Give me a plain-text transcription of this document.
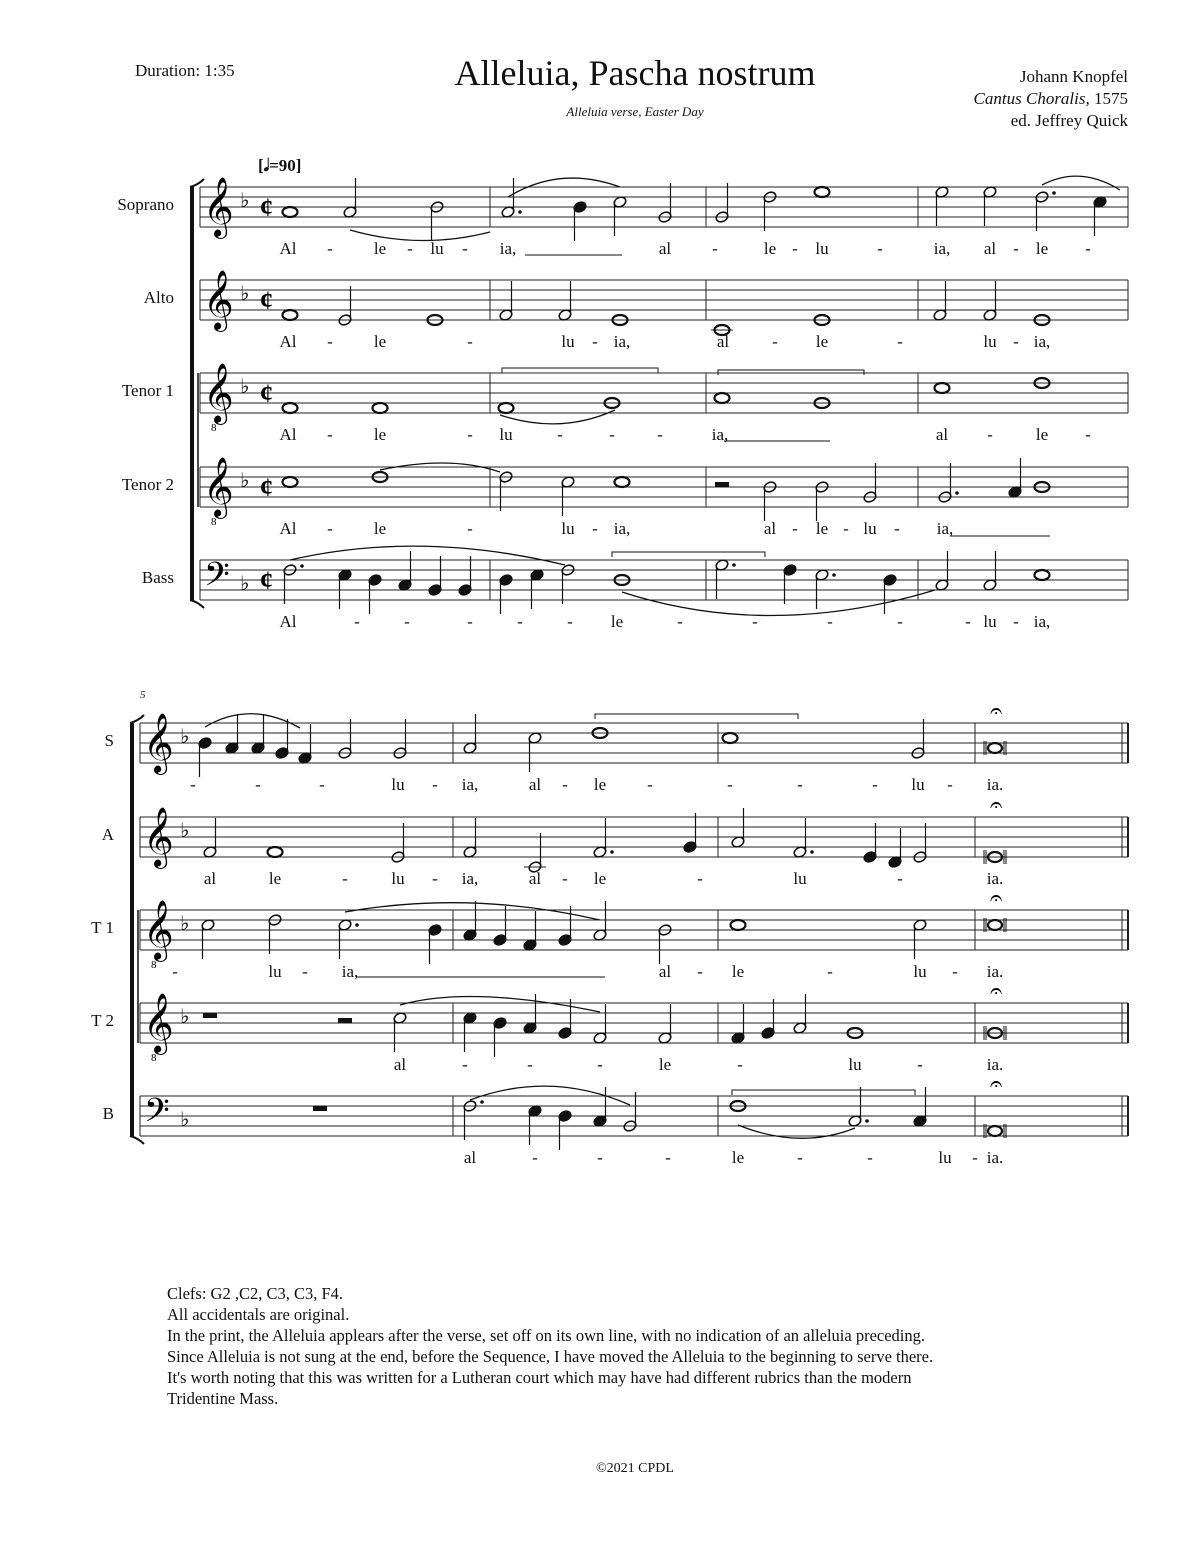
Duration: 1:35	Alleluia, Pascha nostrum
Alleluia verse, Easter Day
Johann Knopfel
Cantus Choralis, 1575
ed. Jeffrey Quick
[𝅗𝅥=90]
𝄞 ¢
♭
𝄞 ¢
♭
𝄞
8
¢
♭
𝄞
8
¢
♭
𝄢 ¢
♭
𝄞
𝄐
♭
𝄞
𝄐
♭
𝄞
8
𝄐
♭
𝄞
8
𝄐
♭
𝄢
𝄐
♭
Soprano
Al - le - lu - ia,	al -	le - lu	-	ia, al - le -
Alto
Al - le	-	lu - ia,	al	- le	-	lu - ia,
Tenor 1
Al - le	- lu	-	- -	ia,	al -	le -
Tenor 2
Al - le	-	lu - ia,	al - le - lu - ia,
Bass
Al	-	-	-	-	- le	-	-	-	-	- lu - ia,
5
S
-	-	-	lu - ia,	al - le -	-	-	- lu - ia.
A
al	le	-	lu - ia,	al - le	-	lu	-	ia.
T 1
-	lu - ia,	al - le	-	lu - ia.
T 2
al	-	-	-	le	-	lu	-	ia.
B
al	-	-	-	le	-	-	lu - ia.
Clefs: G2 ,C2, C3, C3, F4.
All accidentals are original.
In the print, the Alleluia applears after the verse, set off on its own line, with no indication of an alleluia preceding.
Since Alleluia is not sung at the end, before the Sequence, I have moved the Alleluia to the beginning to serve there.
It's worth noting that this was written for a Lutheran court which may have had different rubrics than the modern
Tridentine Mass.
©2021 CPDL
